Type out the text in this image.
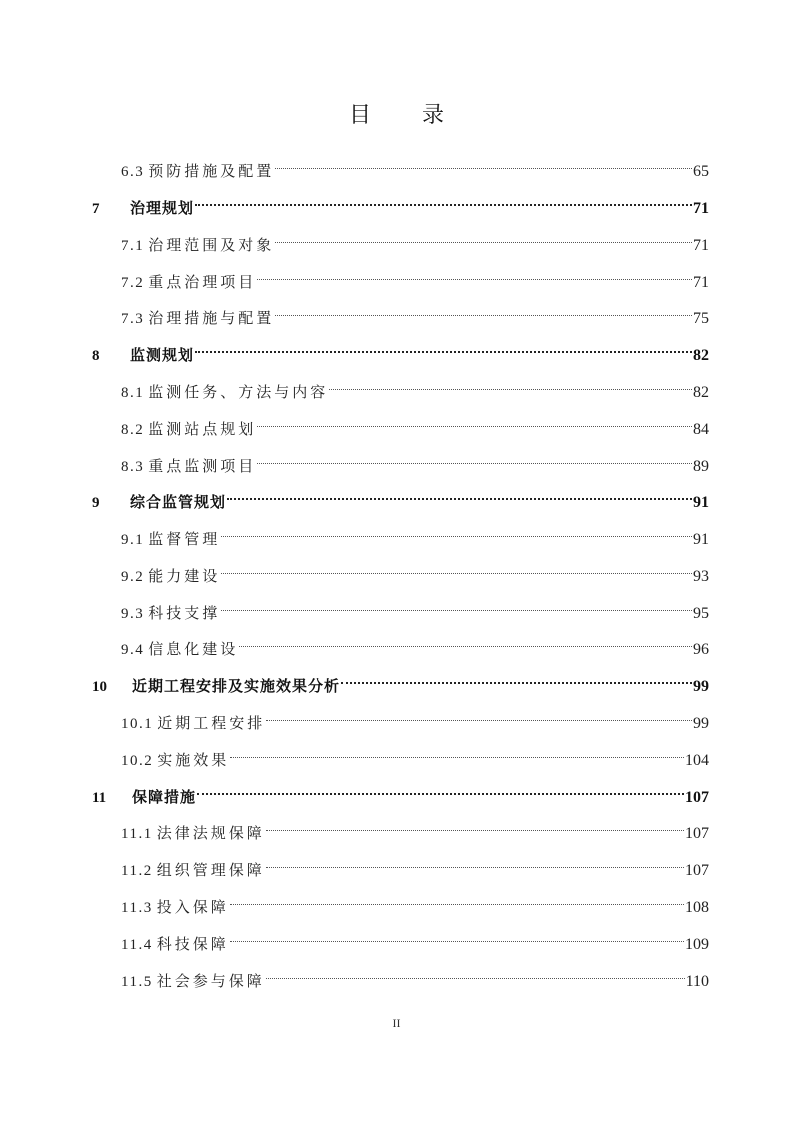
目 录
6.3 预防措施及配置	65
7	治理规划	71
7.1 治理范围及对象	71
7.2 重点治理项目	71
7.3 治理措施与配置	75
8	监测规划	82
8.1 监测任务、方法与内容	82
8.2 监测站点规划	84
8.3 重点监测项目	89
9	综合监管规划	91
9.1 监督管理	91
9.2 能力建设	93
9.3 科技支撑	95
9.4 信息化建设	96
10	近期工程安排及实施效果分析	99
10.1 近期工程安排	99
10.2 实施效果	104
11	保障措施	107
11.1 法律法规保障	107
11.2 组织管理保障	107
11.3 投入保障	108
11.4 科技保障	109
11.5 社会参与保障	110
II
